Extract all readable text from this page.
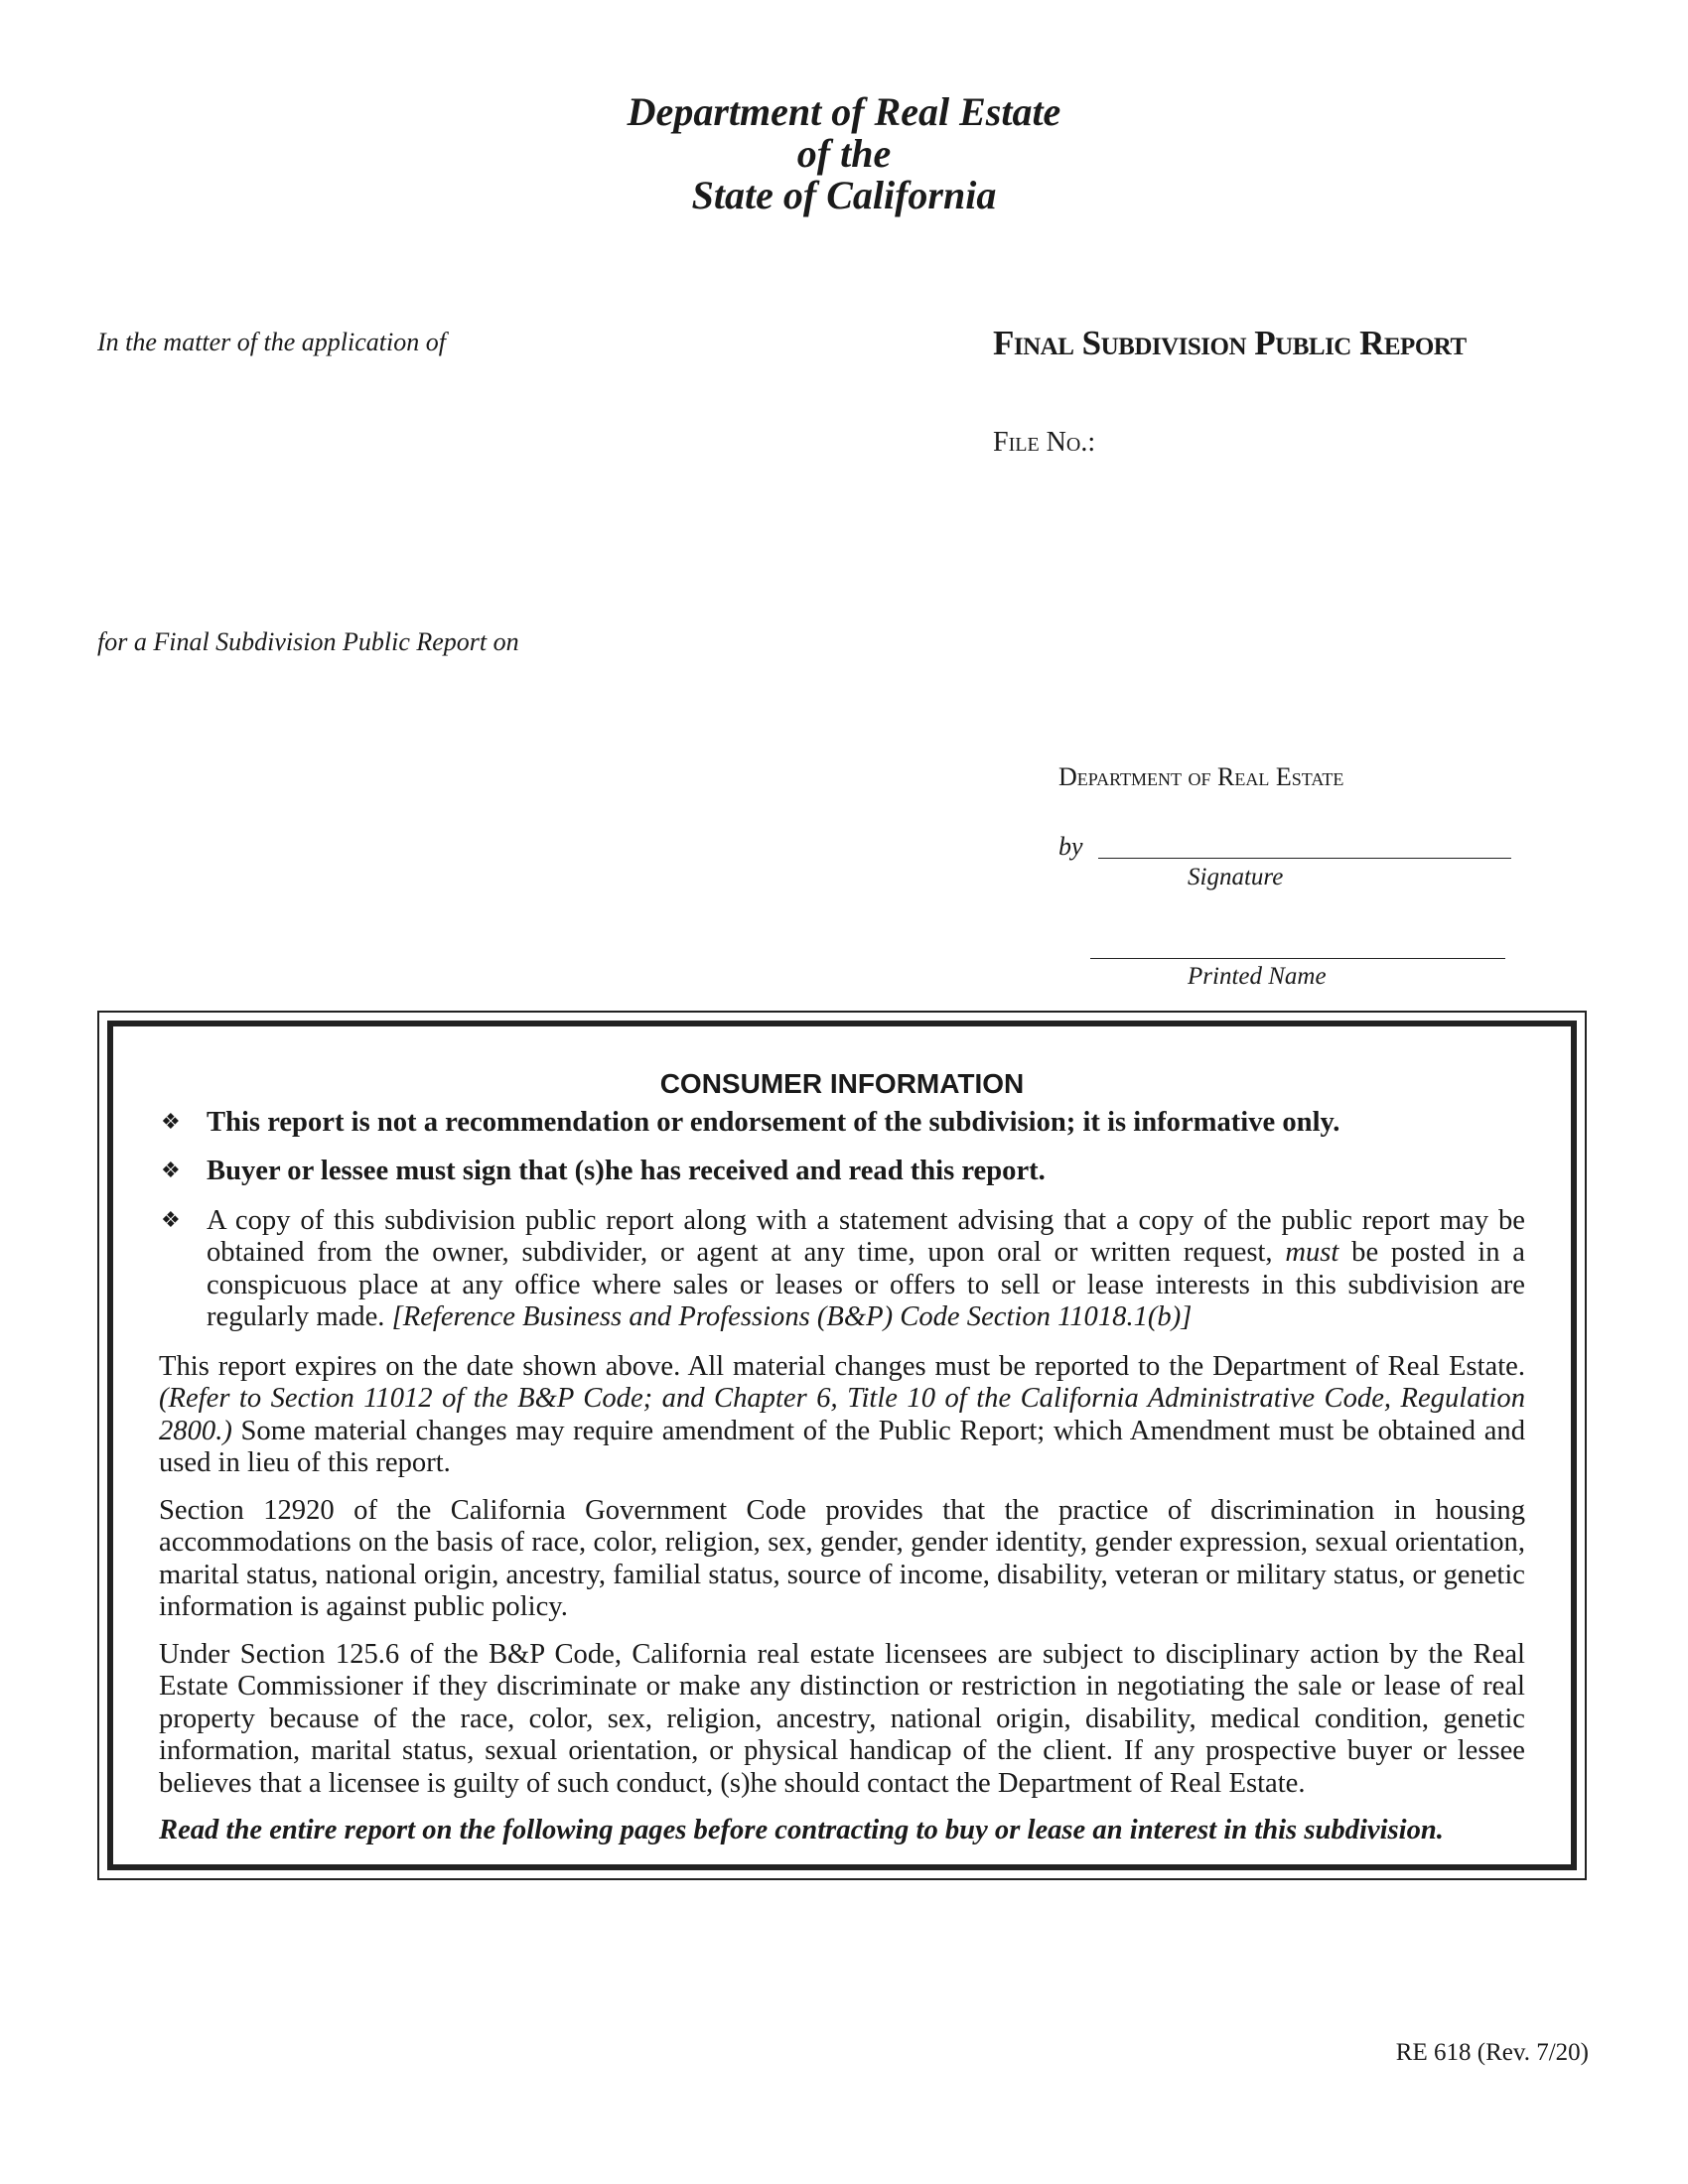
Department of Real Estate
of the
State of California
In the matter of the application of
for a Final Subdivision Public Report on
Final Subdivision Public Report
File No.:
Department of Real Estate
by
Signature
Printed Name
CONSUMER INFORMATION
❖ This report is not a recommendation or endorsement of the subdivision; it is informative only.
❖ Buyer or lessee must sign that (s)he has received and read this report.
❖ A copy of this subdivision public report along with a statement advising that a copy of the public report may be obtained from the owner, subdivider, or agent at any time, upon oral or written request, must be posted in a conspicuous place at any office where sales or leases or offers to sell or lease interests in this subdivision are regularly made. [Reference Business and Professions (B&P) Code Section 11018.1(b)]
This report expires on the date shown above. All material changes must be reported to the Department of Real Estate. (Refer to Section 11012 of the B&P Code; and Chapter 6, Title 10 of the California Administrative Code, Regulation 2800.) Some material changes may require amendment of the Public Report; which Amendment must be obtained and used in lieu of this report.
Section 12920 of the California Government Code provides that the practice of discrimination in housing accommodations on the basis of race, color, religion, sex, gender, gender identity, gender expression, sexual orientation, marital status, national origin, ancestry, familial status, source of income, disability, veteran or military status, or genetic information is against public policy.
Under Section 125.6 of the B&P Code, California real estate licensees are subject to disciplinary action by the Real Estate Commissioner if they discriminate or make any distinction or restriction in negotiating the sale or lease of real property because of the race, color, sex, religion, ancestry, national origin, disability, medical condition, genetic information, marital status, sexual orientation, or physical handicap of the client. If any prospective buyer or lessee believes that a licensee is guilty of such conduct, (s)he should contact the Department of Real Estate.
Read the entire report on the following pages before contracting to buy or lease an interest in this subdivision.
RE 618 (Rev. 7/20)
